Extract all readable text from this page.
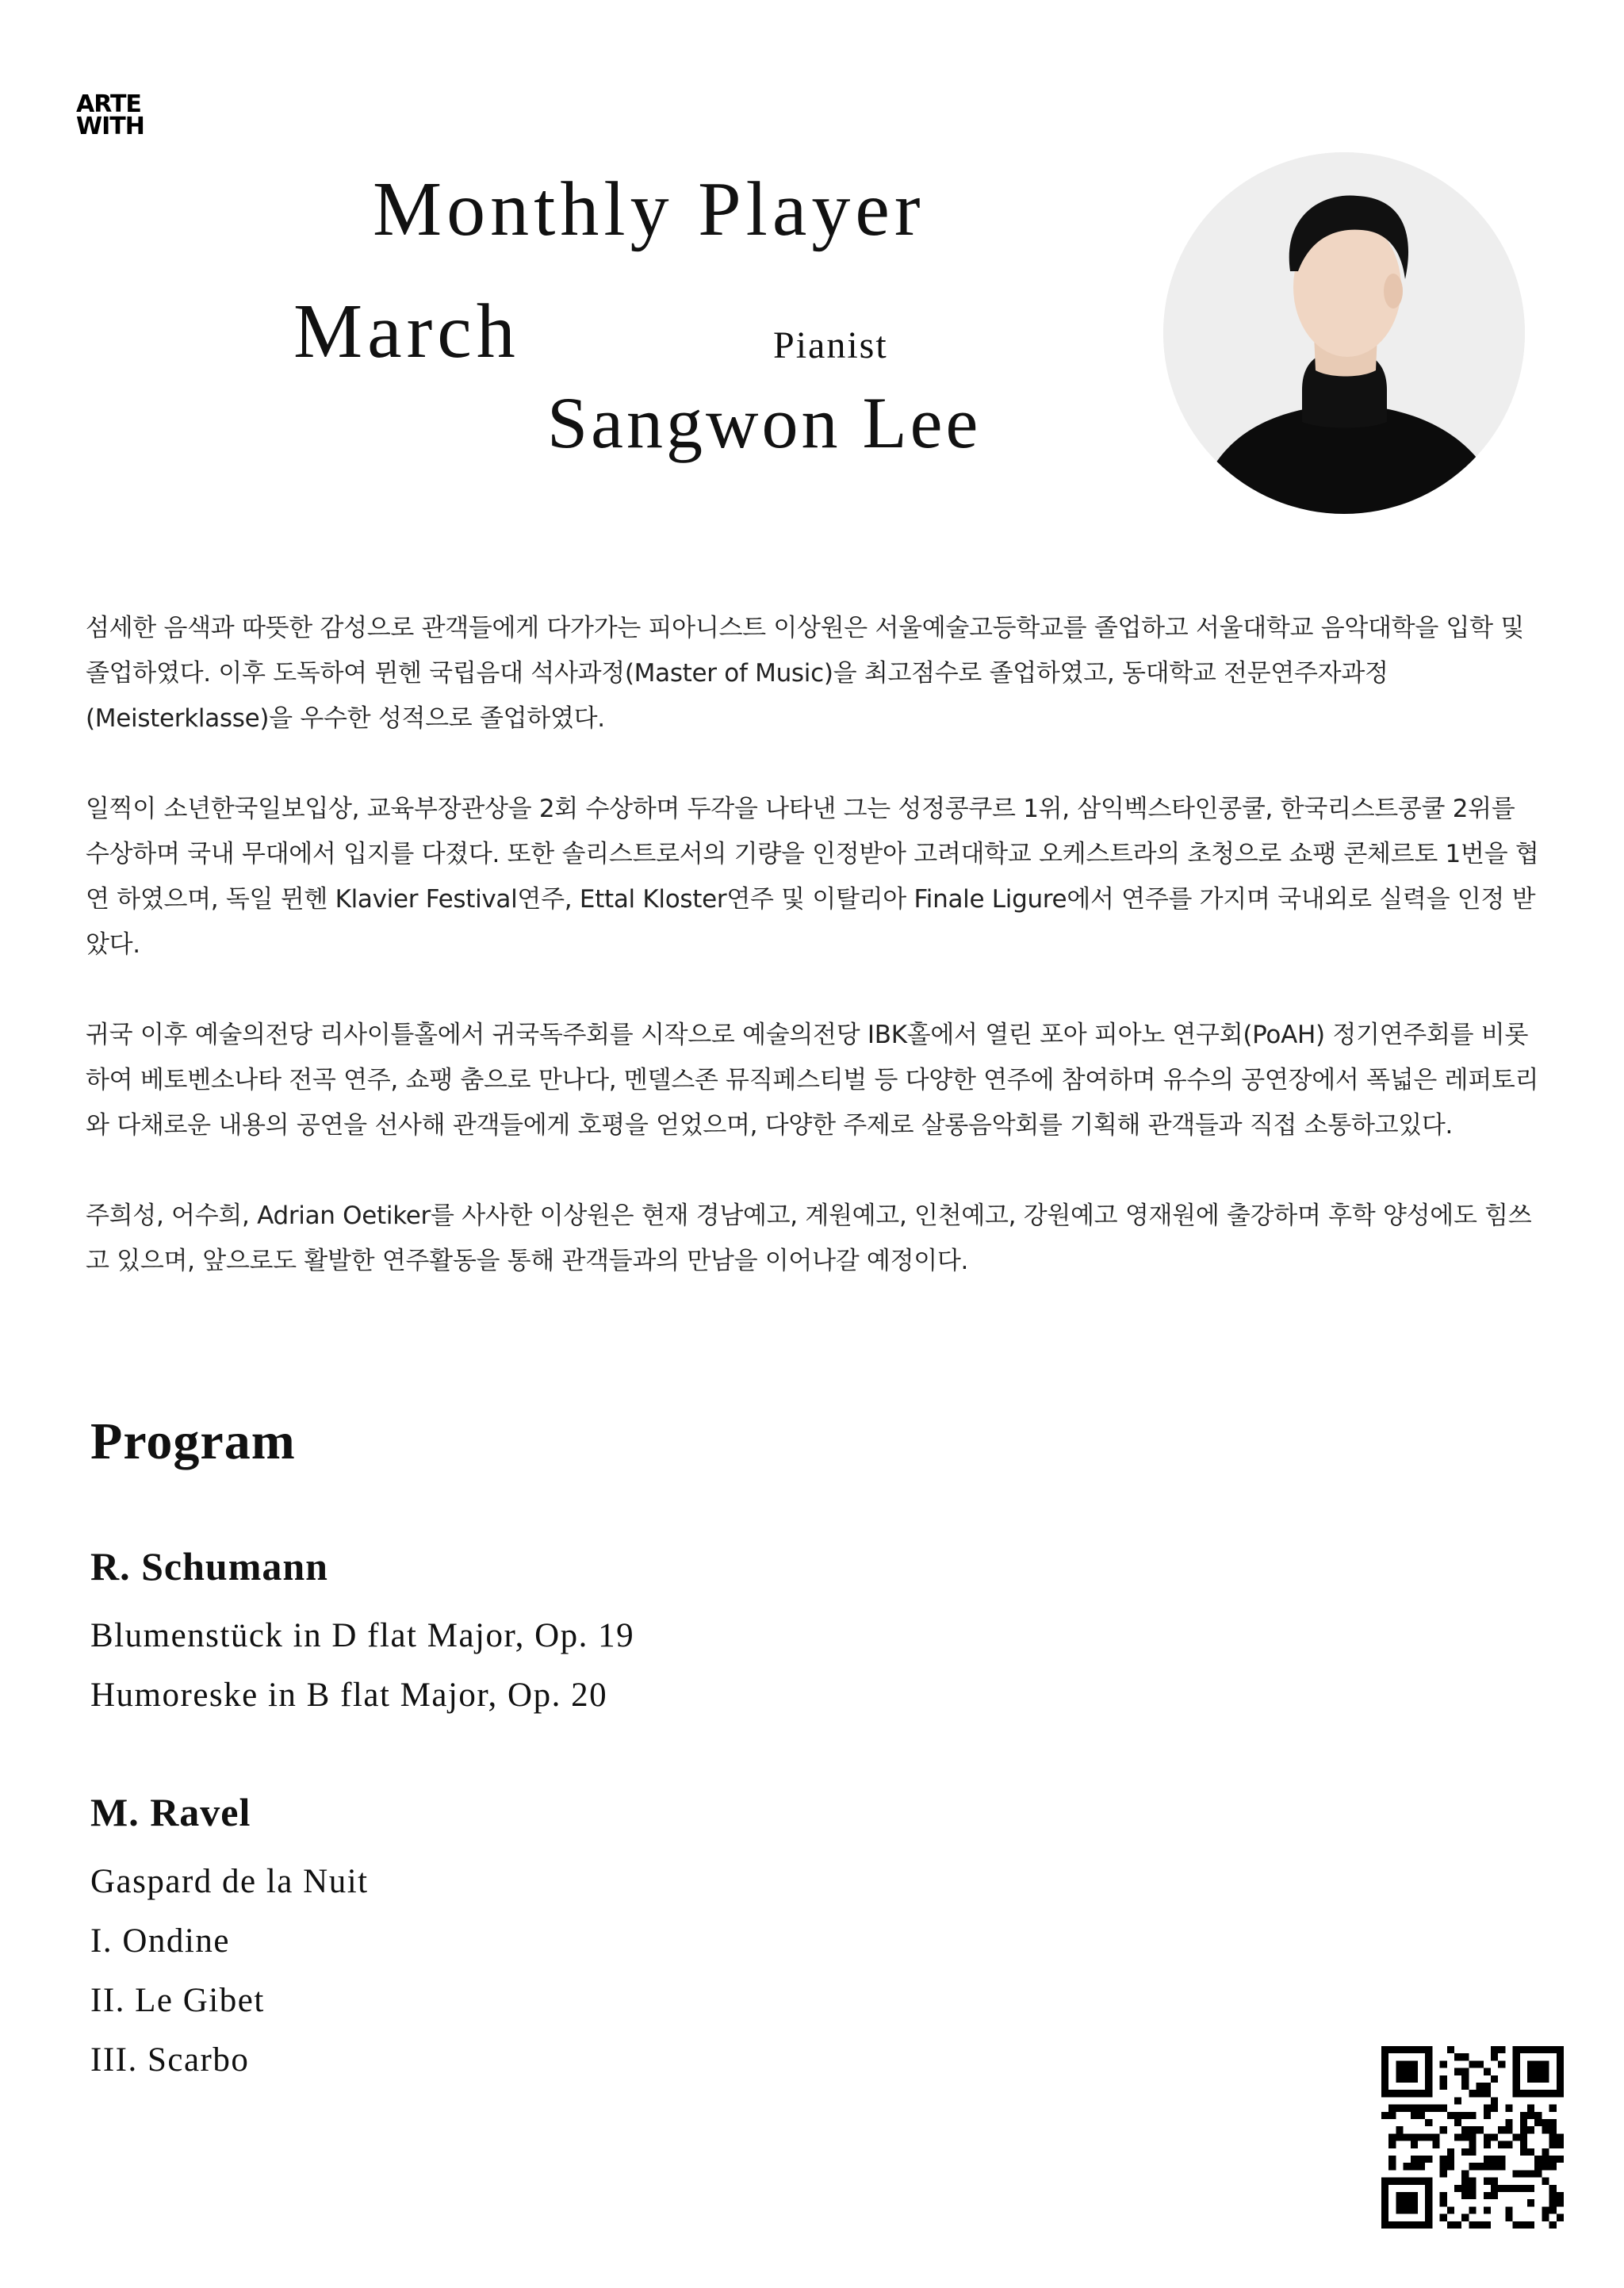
ARTE
WITH
Monthly Player
March	Pianist
Sangwon Lee

섬세한 음색과 따뜻한 감성으로 관객들에게 다가가는 피아니스트 이상원은 서울예술고등학교를 졸업하고 서울대학교 음악대학을 입학 및 졸업하였다. 이후 도독하여 뮌헨 국립음대 석사과정(Master of Music)을 최고점수로 졸업하였고, 동대학교 전문연주자과정(Meisterklasse)을 우수한 성적으로 졸업하였다.

일찍이 소년한국일보입상, 교육부장관상을 2회 수상하며 두각을 나타낸 그는 성정콩쿠르 1위, 삼익벡스타인콩쿨, 한국리스트콩쿨 2위를 수상하며 국내 무대에서 입지를 다졌다. 또한 솔리스트로서의 기량을 인정받아 고려대학교 오케스트라의 초청으로 쇼팽 콘체르토 1번을 협연 하였으며, 독일 뮌헨 Klavier Festival연주, Ettal Kloster연주 및 이탈리아 Finale Ligure에서 연주를 가지며 국내외로 실력을 인정 받았다.

귀국 이후 예술의전당 리사이틀홀에서 귀국독주회를 시작으로 예술의전당 IBK홀에서 열린 포아 피아노 연구회(PoAH) 정기연주회를 비롯하여 베토벤소나타 전곡 연주, 쇼팽 춤으로 만나다, 멘델스존 뮤직페스티벌 등 다양한 연주에 참여하며 유수의 공연장에서 폭넓은 레퍼토리와 다채로운 내용의 공연을 선사해 관객들에게 호평을 얻었으며, 다양한 주제로 살롱음악회를 기획해 관객들과 직접 소통하고있다.

주희성, 어수희, Adrian Oetiker를 사사한 이상원은 현재 경남예고, 계원예고, 인천예고, 강원예고 영재원에 출강하며 후학 양성에도 힘쓰고 있으며, 앞으로도 활발한 연주활동을 통해 관객들과의 만남을 이어나갈 예정이다.

Program
R. Schumann

Blumenstück in D flat Major, Op. 19

Humoreske in B flat Major, Op. 20

M. Ravel

Gaspard de la Nuit

I. Ondine

II. Le Gibet

III. Scarbo
